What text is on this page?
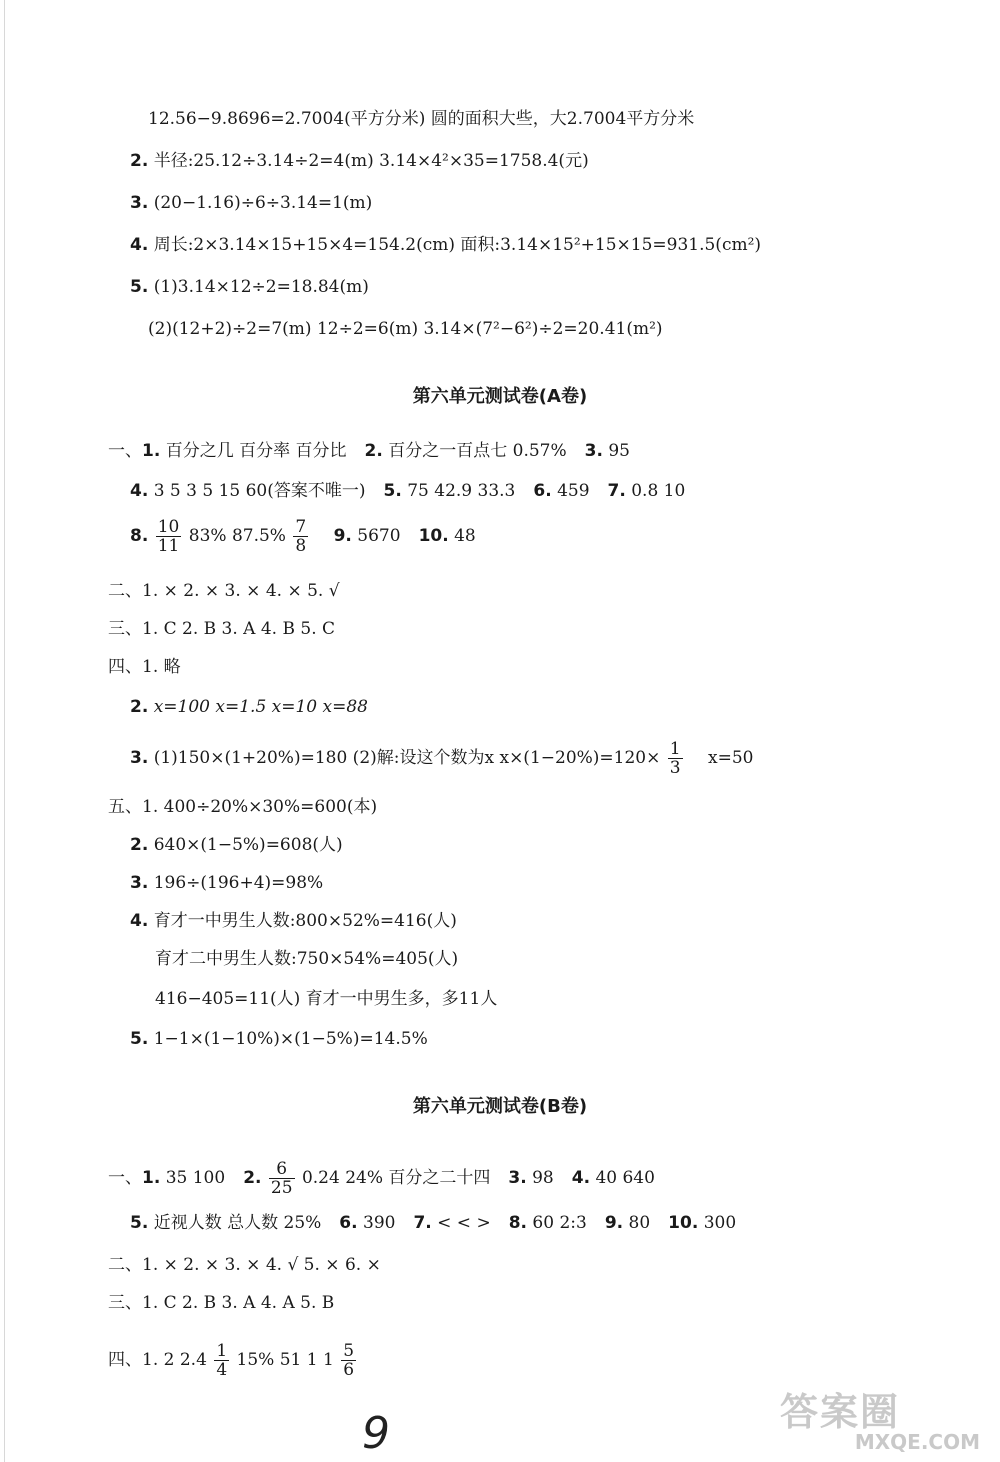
12.56−9.8696=2.7004(平方分米) 圆的面积大些，大2.7004平方分米
2. 半径:25.12÷3.14÷2=4(m) 3.14×4²×35=1758.4(元)
3. (20−1.16)÷6÷3.14=1(m)
4. 周长:2×3.14×15+15×4=154.2(cm) 面积:3.14×15²+15×15=931.5(cm²)
5. (1)3.14×12÷2=18.84(m)
(2)(12+2)÷2=7(m) 12÷2=6(m) 3.14×(7²−6²)÷2=20.41(m²)
第六单元测试卷(A卷)
一、1. 百分之几 百分率 百分比 2. 百分之一百点七 0.57% 3. 95
4. 3 5 3 5 15 60(答案不唯一) 5. 75 42.9 33.3 6. 459 7. 0.8 10
8. $\frac{10}{11} 83\%$ $87.5\% \frac{7}{8} 9$. 5670 10. 48
二、1. × 2. × 3. × 4. × 5. √
三、1. C 2. B 3. A 4. B 5. C
四、1. 略
2. x=100 x=1.5 x=10 x=88
3. (1)150×(1+20%)=180 (2)解:设这个数为x $x\times(1-20\%)=120\times \frac{1}{3} x=50$
五、1. 400÷20%×30%=600(本)
2. 640×(1−5%)=608(人)
3. 196÷(196+4)=98%
4. 育才一中男生人数:800×52%=416(人)
育才二中男生人数:750×54%=405(人)
416−405=11(人) 育才一中男生多，多11人
5. 1−1×(1−10%)×(1−5%)=14.5%
第六单元测试卷(B卷)
一、1. 35 100 2. $\frac{6}{25} 0.24$ 24% 百分之二十四 3. 98 4. 40 640
5. 近视人数 总人数 25% 6. 390 7. < < > 8. 60 2:3 9. 80 10. 300
二、1. × 2. × 3. × 4. √ 5. × 6. ×
三、1. C 2. B 3. A 4. A 5. B
四、1. 2 $2.4 \frac{1}{4} 15\%$ 51 1 $1 \frac{5}{6}$
9	答案圈
MXQE.COM
